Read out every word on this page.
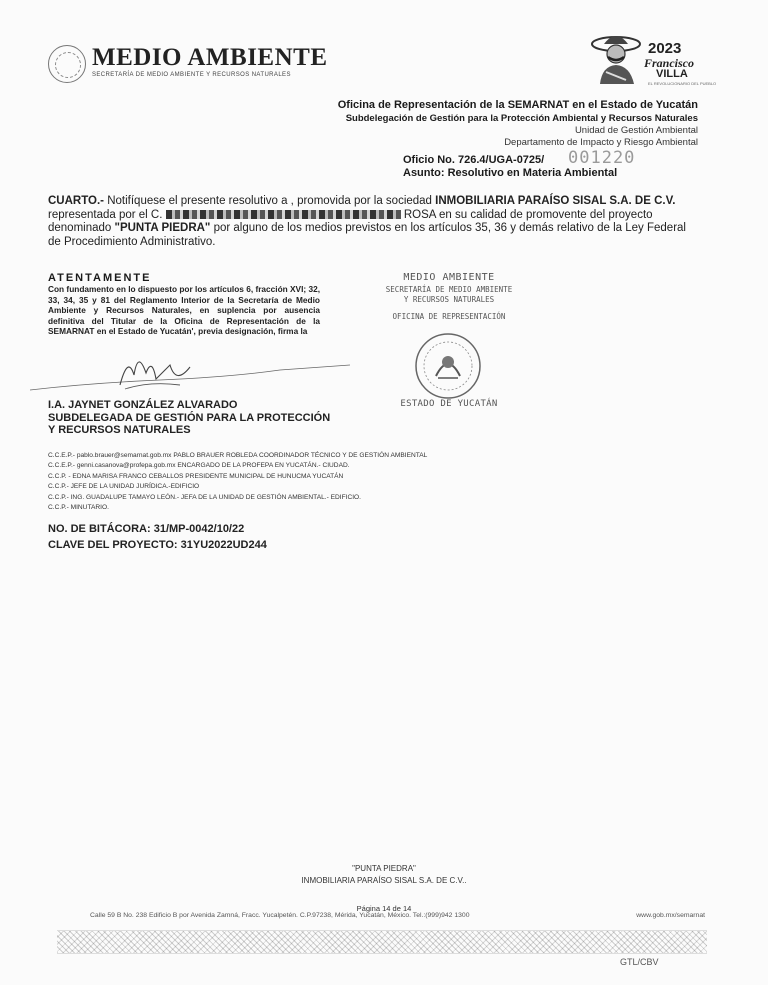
MEDIO AMBIENTE
SECRETARÍA DE MEDIO AMBIENTE Y RECURSOS NATURALES
2023
Francisco
VILLA
EL REVOLUCIONARIO DEL PUEBLO
Oficina de Representación de la SEMARNAT en el Estado de Yucatán
Subdelegación de Gestión para la Protección Ambiental y Recursos Naturales
Unidad de Gestión Ambiental
Departamento de Impacto y Riesgo Ambiental
Oficio No. 726.4/UGA-0725/ 001220
Asunto: Resolutivo en Materia Ambiental
CUARTO.- Notifíquese el presente resolutivo a , promovida por la sociedad INMOBILIARIA PARAÍSO SISAL S.A. DE C.V. representada por el C.	ROSA en su calidad de promovente del proyecto denominado "PUNTA PIEDRA" por alguno de los medios previstos en los artículos 35, 36 y demás relativo de la Ley Federal de Procedimiento Administrativo.
ATENTAMENTE
Con fundamento en lo dispuesto por los artículos 6, fracción XVI; 32, 33, 34, 35 y 81 del Reglamento Interior de la Secretaría de Medio Ambiente y Recursos Naturales, en suplencia por ausencia definitiva del Titular de la Oficina de Representación de la SEMARNAT en el Estado de Yucatán', previa designación, firma la
I.A. JAYNET GONZÁLEZ ALVARADO
SUBDELEGADA DE GESTIÓN PARA LA PROTECCIÓN
Y RECURSOS NATURALES
MEDIO AMBIENTE
SECRETARÍA DE MEDIO AMBIENTE
Y RECURSOS NATURALES
OFICINA DE REPRESENTACIÓN
ESTADO DE YUCATÁN
C.C.E.P.- pablo.brauer@semarnat.gob.mx PABLO BRAUER ROBLEDA COORDINADOR TÉCNICO Y DE GESTIÓN AMBIENTAL
C.C.E.P.- genni.casanova@profepa.gob.mx ENCARGADO DE LA PROFEPA EN YUCATÁN.- CIUDAD.
C.C.P. - EDNA MARISA FRANCO CEBALLOS PRESIDENTE MUNICIPAL DE HUNUCMA YUCATÁN
C.C.P.- JEFE DE LA UNIDAD JURÍDICA.-EDIFICIO
C.C.P.- ING. GUADALUPE TAMAYO LEÓN.- JEFA DE LA UNIDAD DE GESTIÓN AMBIENTAL.- EDIFICIO.
C.C.P.- MINUTARIO.
NO. DE BITÁCORA: 31/MP-0042/10/22
CLAVE DEL PROYECTO: 31YU2022UD244
"PUNTA PIEDRA"
INMOBILIARIA PARAÍSO SISAL S.A. DE C.V..
Página 14 de 14
Calle 59 B No. 238 Edificio B por Avenida Zamná, Fracc. Yucalpetén. C.P.97238, Mérida, Yucatán, México. Tel.:(999)942 1300	www.gob.mx/semarnat
GTL/CBV
